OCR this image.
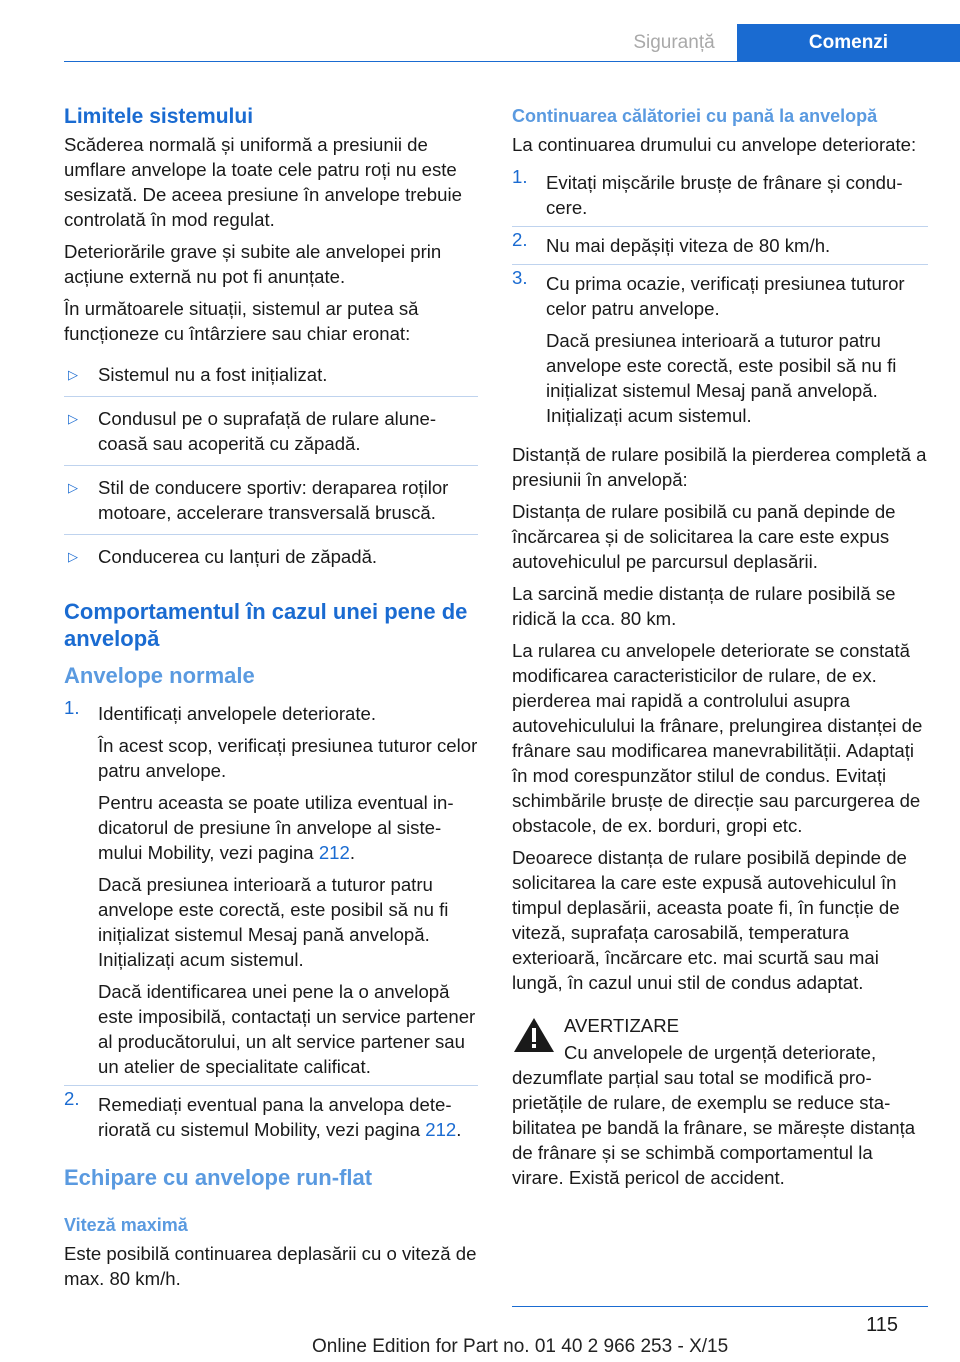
Siguranță	Comenzi
Limitele sistemului

Scăderea normală și uniformă a presiunii de umflare anvelope la toate cele patru roți nu este sesizată. De aceea presiune în anvelope trebuie controlată în mod regulat.

Deteriorările grave și subite ale anvelopei prin acțiune externă nu pot fi anunțate.

În următoarele situații, sistemul ar putea să funcționeze cu întârziere sau chiar eronat:

▷ Sistemul nu a fost inițializat.
▷ Condusul pe o suprafață de rulare alunecoasă sau acoperită cu zăpadă.
▷ Stil de conducere sportiv: deraparea roților motoare, accelerare transversală bruscă.
▷ Conducerea cu lanțuri de zăpadă.
Comportamentul în cazul unei pene de anvelopă
Anvelope normale
1. Identificați anvelopele deteriorate.
În acest scop, verificați presiunea tuturor celor patru anvelope.
Pentru aceasta se poate utiliza eventual indicatorul de presiune în anvelope al sistemului Mobility, vezi pagina 212.
Dacă presiunea interioară a tuturor patru anvelope este corectă, este posibil să nu fi inițializat sistemul Mesaj pană anvelopă. Inițializați acum sistemul.
Dacă identificarea unei pene la o anvelopă este imposibilă, contactați un service partener al producătorului, un alt service partener sau un atelier de specialitate calificat.
2. Remediați eventual pana la anvelopa deteriorată cu sistemul Mobility, vezi pagina 212.
Echipare cu anvelope run-flat
Viteză maximă

Este posibilă continuarea deplasării cu o viteză de max. 80 km/h.

Continuarea călătoriei cu pană la anvelopă

La continuarea drumului cu anvelope deteriorate:

1. Evitați mișcările brusțe de frânare și conducere.
2. Nu mai depășiți viteza de 80 km/h.
3. Cu prima ocazie, verificați presiunea tuturor celor patru anvelope.
Dacă presiunea interioară a tuturor patru anvelope este corectă, este posibil să nu fi inițializat sistemul Mesaj pană anvelopă. Inițializați acum sistemul.

Distanță de rulare posibilă la pierderea completă a presiunii în anvelopă:

Distanța de rulare posibilă cu pană depinde de încărcarea și de solicitarea la care este expus autovehiculul pe parcursul deplasării.

La sarcină medie distanța de rulare posibilă se ridică la cca. 80 km.

La rularea cu anvelopele deteriorate se constată modificarea caracteristicilor de rulare, de ex. pierderea mai rapidă a controlului asupra autovehiculului la frânare, prelungirea distanței de frânare sau modificarea manevrabilității. Adaptați în mod corespunzător stilul de condus. Evitați schimbările brusțe de direcție sau parcurgerea de obstacole, de ex. borduri, gropi etc.

Deoarece distanța de rulare posibilă depinde de solicitarea la care este expusă autovehiculul în timpul deplasării, aceasta poate fi, în funcție de viteză, suprafața carosabilă, temperatura exterioară, încărcare etc. mai scurtă sau mai lungă, în cazul unui stil de condus adaptat.

AVERTIZARE
Cu anvelopele de urgență deteriorate,
dezumflate parțial sau total se modifică proprietățile de rulare, de exemplu se reduce stabilitatea pe bandă la frânare, se mărește distanța de frânare și se schimbă comportamentul la virare. Există pericol de accident.
115
Online Edition for Part no. 01 40 2 966 253 - X/15
